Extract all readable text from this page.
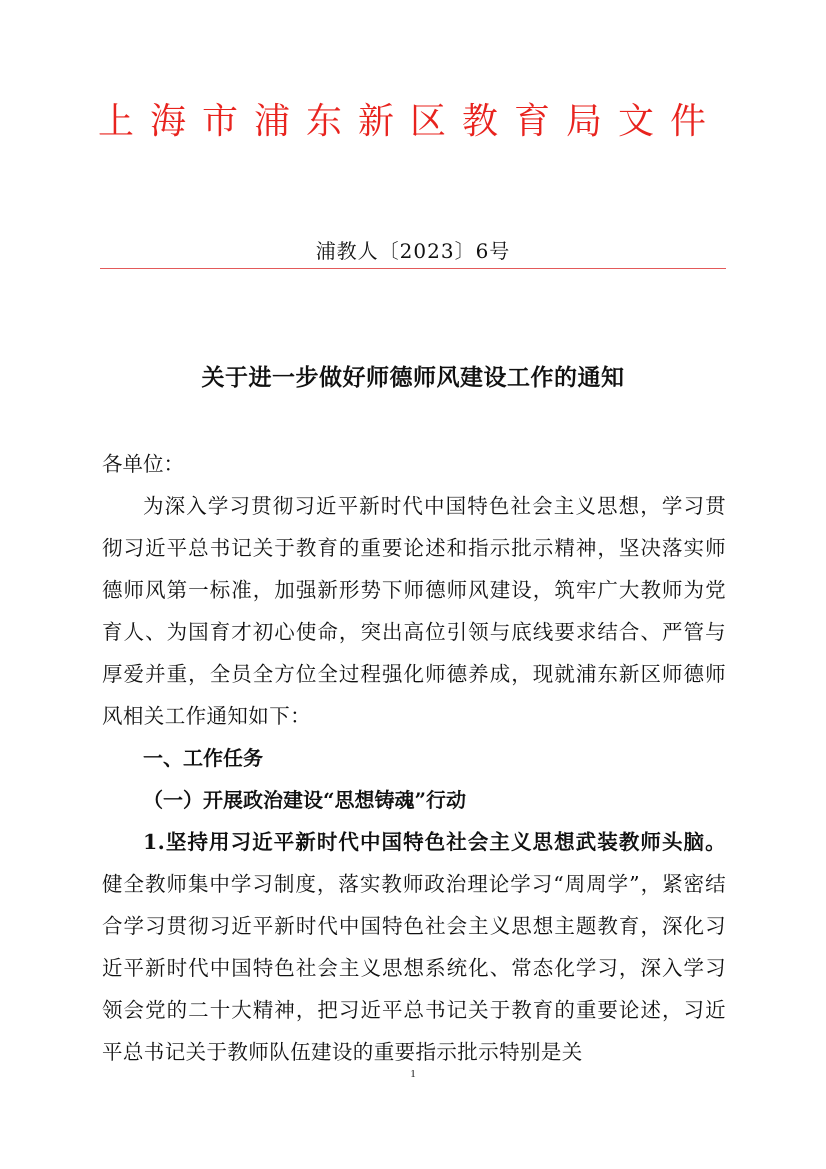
上海市浦东新区教育局文件
浦教人〔2023〕6号
关于进一步做好师德师风建设工作的通知

各单位：

为深入学习贯彻习近平新时代中国特色社会主义思想，学习贯彻习近平总书记关于教育的重要论述和指示批示精神，坚决落实师德师风第一标准，加强新形势下师德师风建设，筑牢广大教师为党育人、为国育才初心使命，突出高位引领与底线要求结合、严管与厚爱并重，全员全方位全过程强化师德养成，现就浦东新区师德师风相关工作通知如下：

一、工作任务

（一）开展政治建设“思想铸魂”行动

1.坚持用习近平新时代中国特色社会主义思想武装教师头脑。健全教师集中学习制度，落实教师政治理论学习“周周学”，紧密结合学习贯彻习近平新时代中国特色社会主义思想主题教育，深化习近平新时代中国特色社会主义思想系统化、常态化学习，深入学习领会党的二十大精神，把习近平总书记关于教育的重要论述，习近平总书记关于教师队伍建设的重要指示批示特别是关

1
